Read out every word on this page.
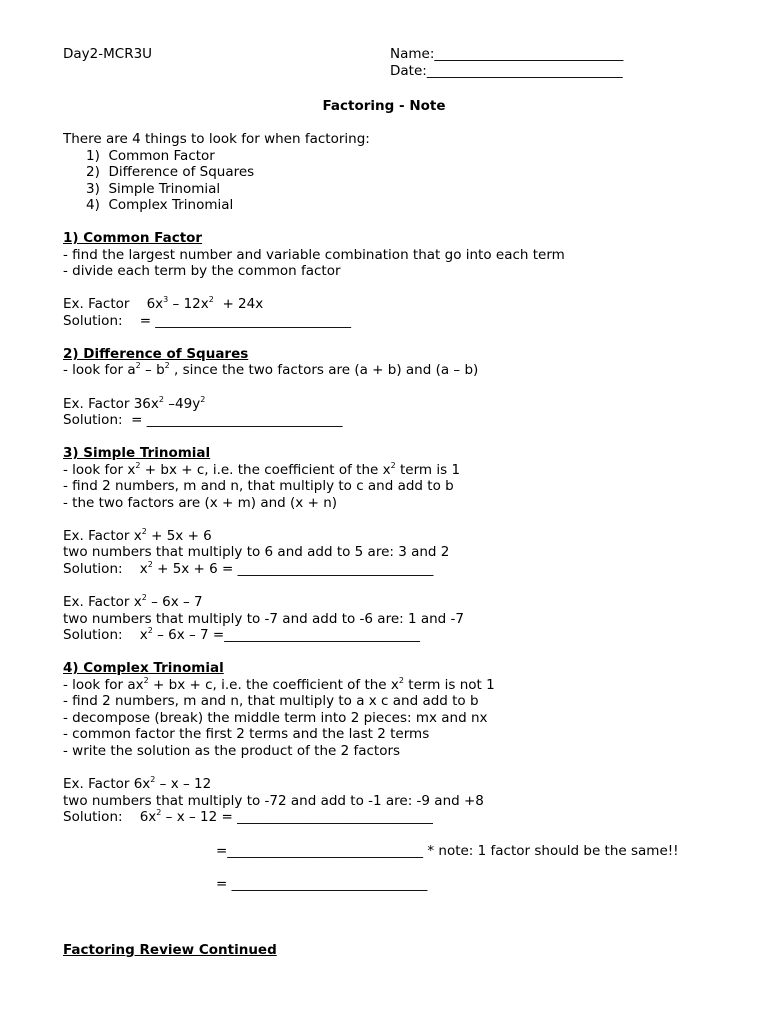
Day2-MCR3U	Name:____________________________
Date:_____________________________
Factoring - Note
There are 4 things to look for when factoring:
1)  Common Factor
2)  Difference of Squares
3)  Simple Trinomial
4)  Complex Trinomial
1) Common Factor
- find the largest number and variable combination that go into each term
- divide each term by the common factor
Ex. Factor    $6x^3 - 12x^2 + 24x$
Solution:    = _____________________________
2) Difference of Squares
- look for $a^2 - b^2$ , since the two factors are (a + b) and (a – b)
Ex. Factor $36x^2$ $-49y^2$
Solution:  = _____________________________
3) Simple Trinomial
- look for $x^2$ + bx + c, i.e. the coefficient of the $x^2$ term is 1
- find 2 numbers, m and n, that multiply to c and add to b
- the two factors are (x + m) and (x + n)
Ex. Factor $x^2 + 5x + 6$
two numbers that multiply to 6 and add to 5 are: 3 and 2
Solution:    $x^2 + 5x + 6$ = _____________________________
Ex. Factor $x^2 - 6x - 7$
two numbers that multiply to -7 and add to -6 are: 1 and -7
Solution:    $x^2 - 6x - 7$ =_____________________________
4) Complex Trinomial
- look for $ax^2$ + bx + c, i.e. the coefficient of the $x^2$ term is not 1
- find 2 numbers, m and n, that multiply to a x c and add to b
- decompose (break) the middle term into 2 pieces: mx and nx
- common factor the first 2 terms and the last 2 terms
- write the solution as the product of the 2 factors
Ex. Factor $6x^2$ – x – 12
two numbers that multiply to -72 and add to -1 are: -9 and +8
Solution:    $6x^2$ – x – 12 = _____________________________
=_____________________________ * note: 1 factor should be the same!!
= _____________________________
Factoring Review Continued
